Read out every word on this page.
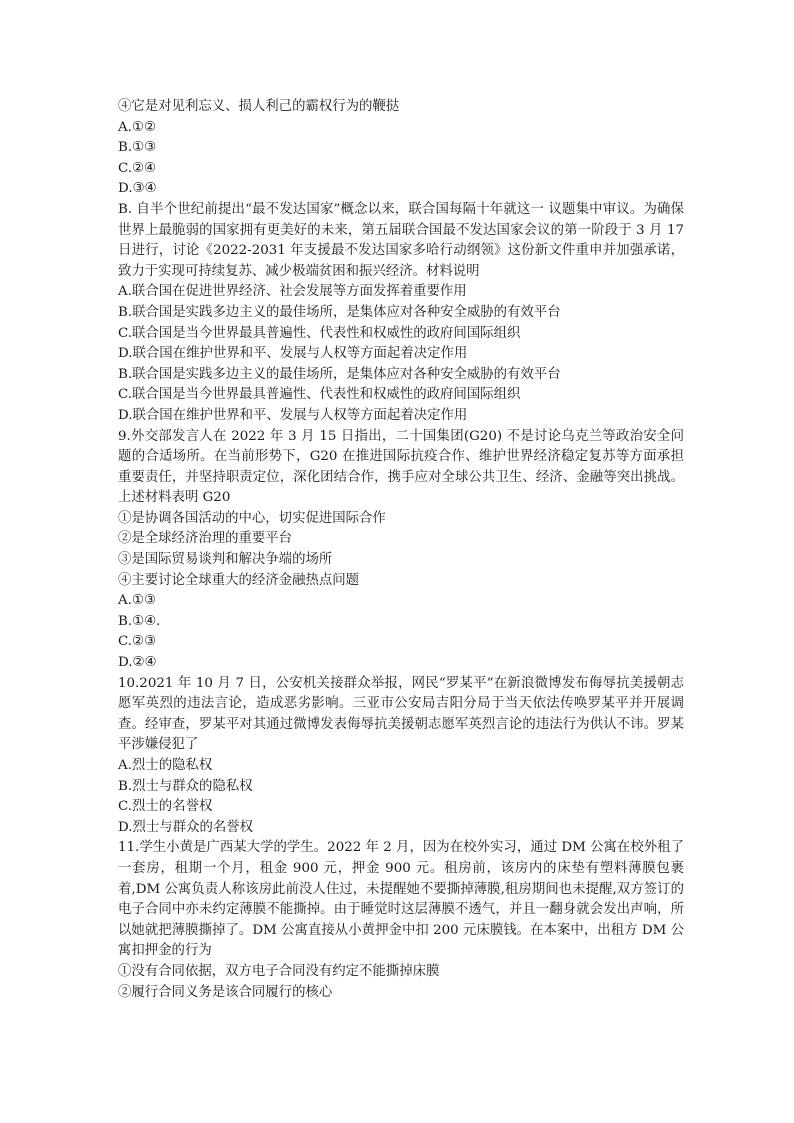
④它是对见利忘义、损人利己的霸权行为的鞭挞
A.①②
B.①③
C.②④
D.③④
B. 自半个世纪前提出“最不发达国家”概念以来，联合国每隔十年就这一 议题集中审议。为确保世界上最脆弱的国家拥有更美好的未来，第五届联合国最不发达国家会议的第一阶段于 3 月 17 日进行，讨论《2022-2031 年支援最不发达国家多哈行动纲领》这份新文件重申并加强承诺，致力于实现可持续复苏、减少极端贫困和振兴经济。材料说明
A.联合国在促进世界经济、社会发展等方面发挥着重要作用
B.联合国是实践多边主义的最佳场所，是集体应对各种安全威胁的有效平台
C.联合国是当今世界最具普遍性、代表性和权威性的政府间国际组织
D.联合国在维护世界和平、发展与人权等方面起着决定作用
B.联合国是实践多边主义的最佳场所，是集体应对各种安全威胁的有效平台
C.联合国是当今世界最具普遍性、代表性和权威性的政府间国际组织
D.联合国在维护世界和平、发展与人权等方面起着决定作用
9.外交部发言人在 2022 年 3 月 15 日指出，二十国集团(G20) 不是讨论乌克兰等政治安全问题的合适场所。在当前形势下，G20 在推进国际抗疫合作、维护世界经济稳定复苏等方面承担重要责任，并坚持职责定位，深化团结合作，携手应对全球公共卫生、经济、金融等突出挑战。上述材料表明 G20
①是协调各国活动的中心，切实促进国际合作
②是全球经济治理的重要平台
③是国际贸易谈判和解决争端的场所
④主要讨论全球重大的经济金融热点问题
A.①③
B.①④.
C.②③
D.②④
10.2021 年 10 月 7 日，公安机关接群众举报，网民“罗某平”在新浪微博发布侮辱抗美援朝志愿军英烈的违法言论，造成恶劣影响。三亚市公安局吉阳分局于当天依法传唤罗某平并开展调查。经审查，罗某平对其通过微博发表侮辱抗美援朝志愿军英烈言论的违法行为供认不讳。罗某平涉嫌侵犯了
A.烈士的隐私权
B.烈士与群众的隐私权
C.烈士的名誉权
D.烈士与群众的名誉权
11.学生小黄是广西某大学的学生。2022 年 2 月，因为在校外实习，通过 DM 公寓在校外租了一套房，租期一个月，租金 900 元，押金 900 元。租房前，该房内的床垫有塑料薄膜包裹着,DM 公寓负责人称该房此前没人住过，未提醒她不要撕掉薄膜,租房期间也未提醒,双方签订的电子合同中亦未约定薄膜不能撕掉。由于睡觉时这层薄膜不透气，并且一翻身就会发出声响，所以她就把薄膜撕掉了。DM 公寓直接从小黄押金中扣 200 元床膜钱。在本案中，出租方 DM 公寓扣押金的行为
①没有合同依据，双方电子合同没有约定不能撕掉床膜
②履行合同义务是该合同履行的核心
